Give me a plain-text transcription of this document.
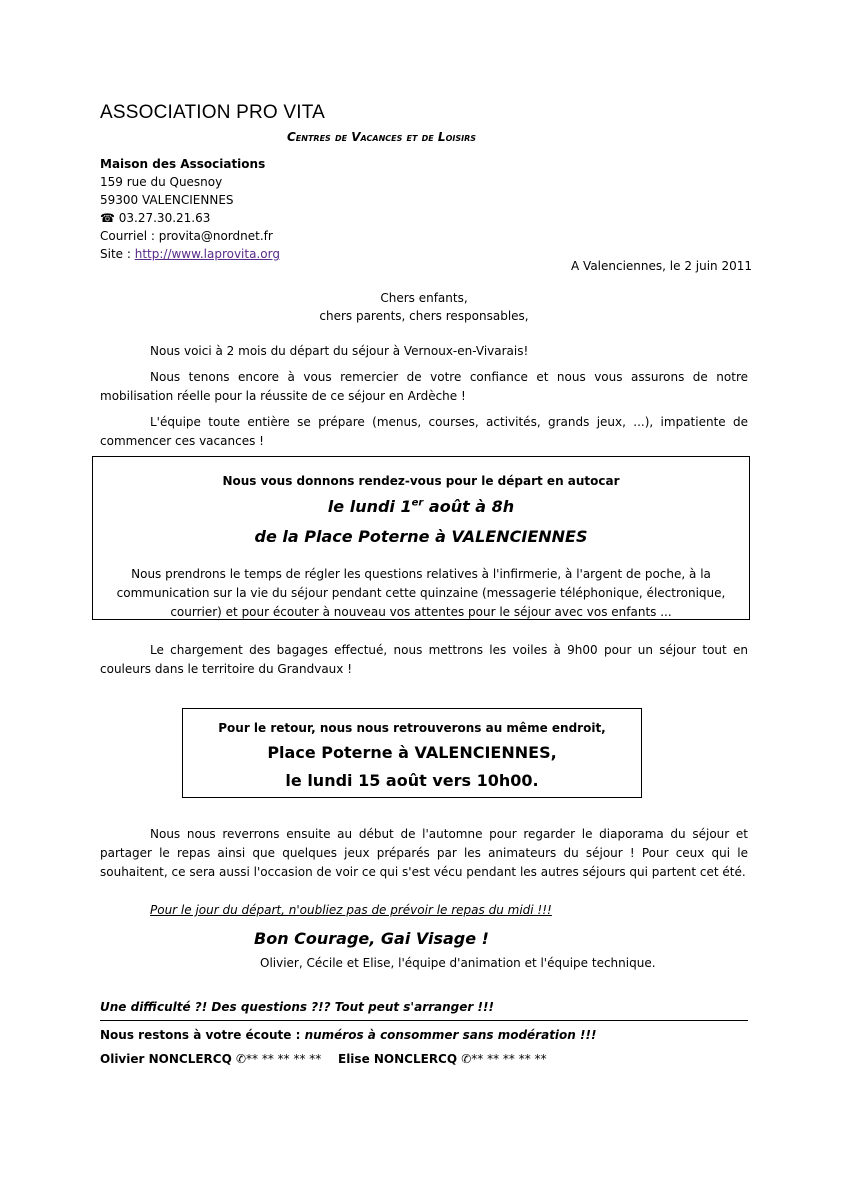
ASSOCIATION PRO VITA
Centres de Vacances et de Loisirs
Maison des Associations
159 rue du Quesnoy
59300 VALENCIENNES
☎ 03.27.30.21.63
Courriel : provita@nordnet.fr
Site : http://www.laprovita.org
A Valenciennes, le 2 juin 2011
Chers enfants,
chers parents, chers responsables,
Nous voici à 2 mois du départ du séjour à Vernoux-en-Vivarais!
Nous tenons encore à vous remercier de votre confiance et nous vous assurons de notre mobilisation réelle pour la réussite de ce séjour en Ardèche !
L'équipe toute entière se prépare (menus, courses, activités, grands jeux, ...), impatiente de commencer ces vacances !
Nous vous donnons rendez-vous pour le départ en autocar
le lundi 1er août à 8h
de la Place Poterne à VALENCIENNES
Nous prendrons le temps de régler les questions relatives à l'infirmerie, à l'argent de poche, à la communication sur la vie du séjour pendant cette quinzaine (messagerie téléphonique, électronique, courrier) et pour écouter à nouveau vos attentes pour le séjour avec vos enfants ...
Le chargement des bagages effectué, nous mettrons les voiles à 9h00 pour un séjour tout en couleurs dans le territoire du Grandvaux !
Pour le retour, nous nous retrouverons au même endroit,
Place Poterne à VALENCIENNES,
le lundi 15 août vers 10h00.
Nous nous reverrons ensuite au début de l'automne pour regarder le diaporama du séjour et partager le repas ainsi que quelques jeux préparés par les animateurs du séjour ! Pour ceux qui le souhaitent, ce sera aussi l'occasion de voir ce qui s'est vécu pendant les autres séjours qui partent cet été.
Pour le jour du départ, n'oubliez pas de prévoir le repas du midi !!!
Bon Courage, Gai Visage !
Olivier, Cécile et Elise, l'équipe d'animation et l'équipe technique.
Une difficulté ?! Des questions ?!? Tout peut s'arranger !!!
Nous restons à votre écoute : numéros à consommer sans modération !!!
Olivier NONCLERCQ ✆** ** ** ** ** Elise NONCLERCQ ✆** ** ** ** **
